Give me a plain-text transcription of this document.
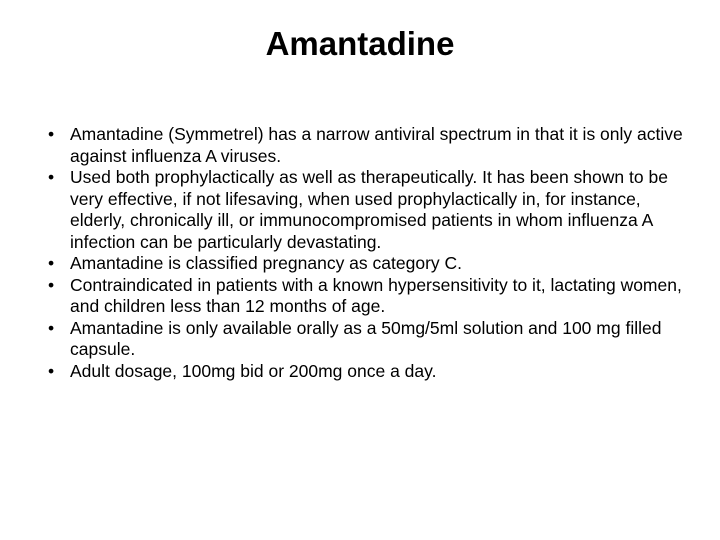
Amantadine
• Amantadine (Symmetrel) has a narrow antiviral spectrum in that it is only active against influenza A viruses.
• Used both prophylactically as well as therapeutically. It has been shown to be very effective, if not lifesaving, when used prophylactically in, for instance, elderly, chronically ill, or immunocompromised patients in whom influenza A infection can be particularly devastating.
• Amantadine is classified pregnancy as category C.
• Contraindicated in patients with a known hypersensitivity to it, lactating women, and children less than 12 months of age.
• Amantadine is only available orally as a 50mg/5ml solution and 100 mg filled capsule.
• Adult dosage, 100mg bid or 200mg once a day.
